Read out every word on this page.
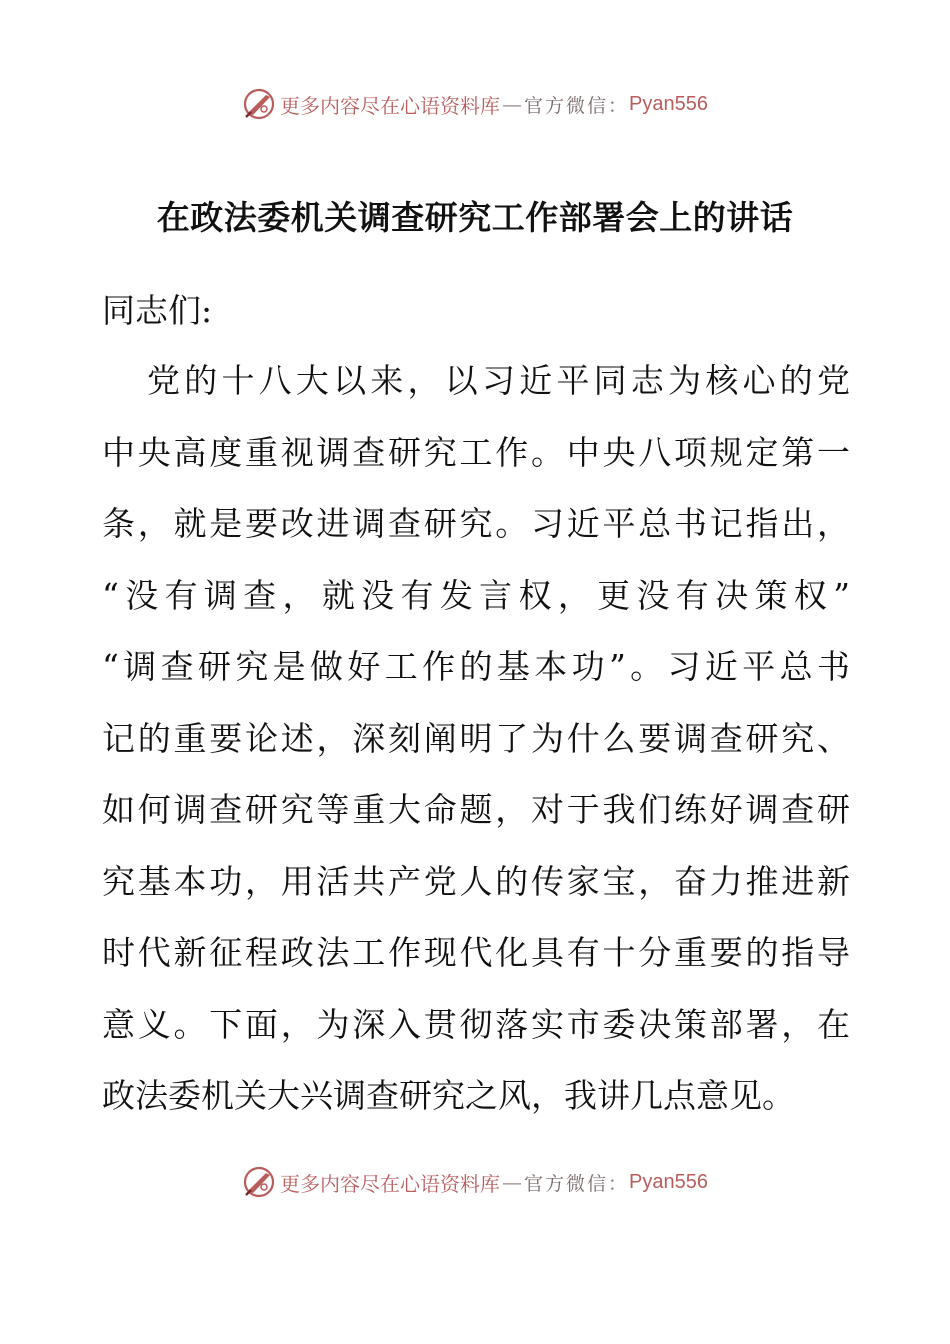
更多内容尽在心语资料库 — 官方微信： Pyan556
在政法委机关调查研究工作部署会上的讲话
同志们:
党的十八大以来，以习近平同志为核心的党
中央高度重视调查研究工作。中央八项规定第一
条，就是要改进调查研究。习近平总书记指出，
“没有调查，就没有发言权，更没有决策权”
“调查研究是做好工作的基本功”。习近平总书
记的重要论述，深刻阐明了为什么要调查研究、
如何调查研究等重大命题，对于我们练好调查研
究基本功，用活共产党人的传家宝，奋力推进新
时代新征程政法工作现代化具有十分重要的指导
意义。下面，为深入贯彻落实市委决策部署，在
政法委机关大兴调查研究之风，我讲几点意见。
更多内容尽在心语资料库 — 官方微信： Pyan556
